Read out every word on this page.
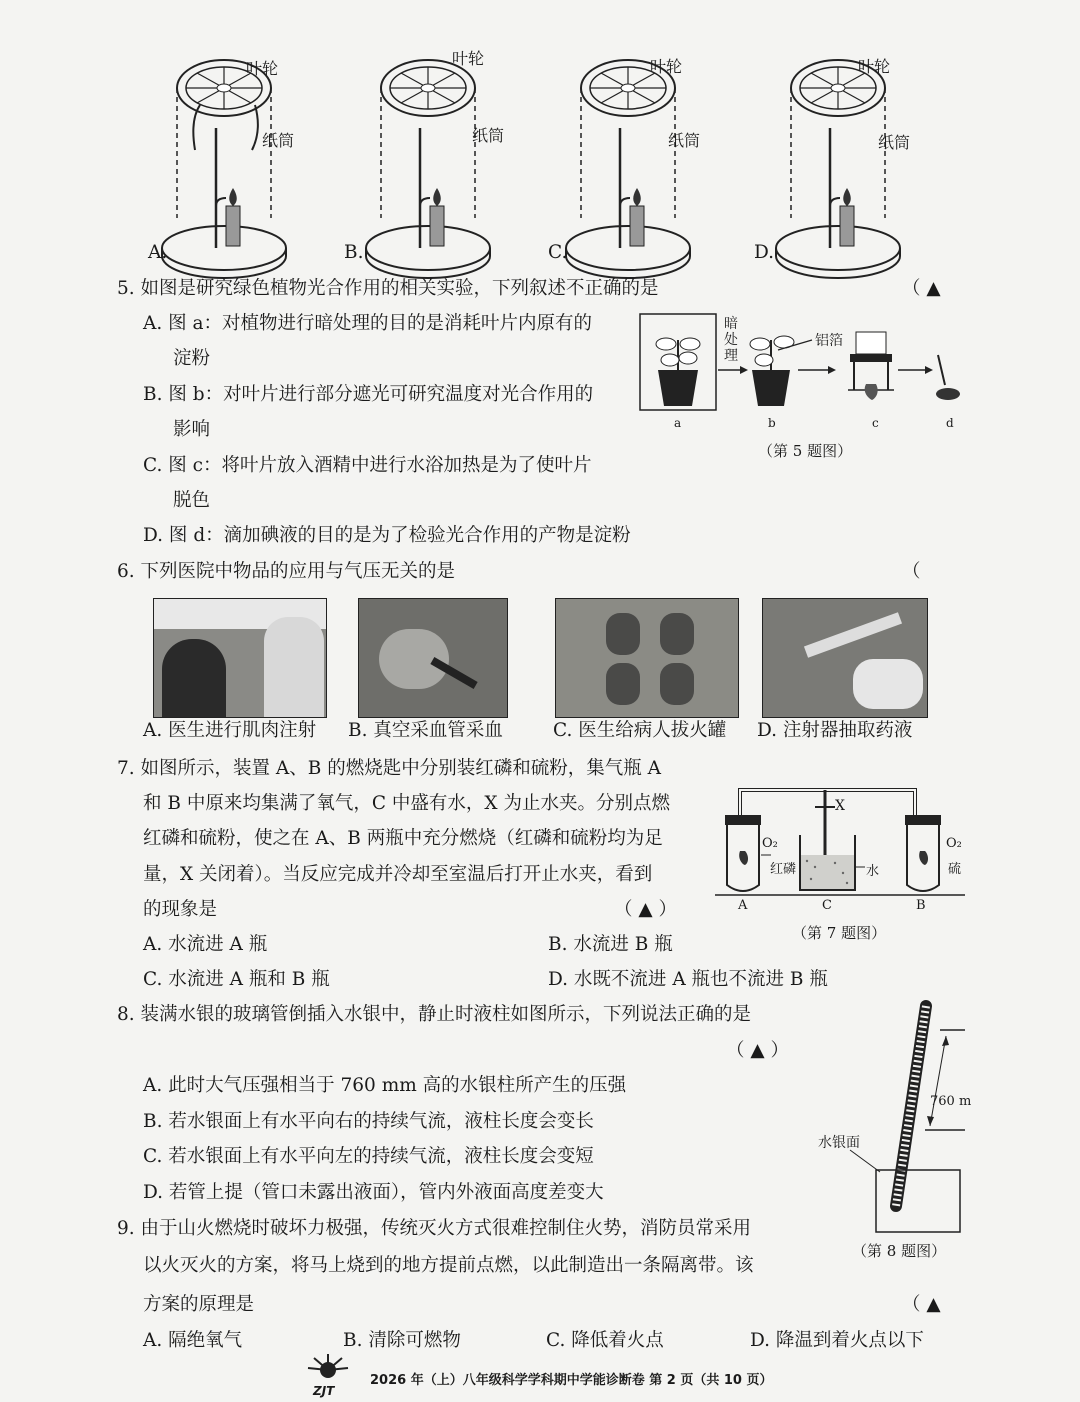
叶轮
纸筒
叶轮
纸筒
叶轮
纸筒
叶轮
纸筒
A.	B.	C.	D.
5. 如图是研究绿色植物光合作用的相关实验，下列叙述不正确的是	（ ▲
A. 图 a：对植物进行暗处理的目的是消耗叶片内原有的
淀粉
B. 图 b：对叶片进行部分遮光可研究温度对光合作用的
影响
C. 图 c：将叶片放入酒精中进行水浴加热是为了使叶片
脱色
D. 图 d：滴加碘液的目的是为了检验光合作用的产物是淀粉
暗处理
铝箔
a	b	c	d
（第 5 题图）
6. 下列医院中物品的应用与气压无关的是	（
A. 医生进行肌肉注射 B. 真空采血管采血	C. 医生给病人拔火罐 D. 注射器抽取药液
7. 如图所示，装置 A、B 的燃烧匙中分别装红磷和硫粉，集气瓶 A
和 B 中原来均集满了氧气，C 中盛有水，X 为止水夹。分别点燃
红磷和硫粉，使之在 A、B 两瓶中充分燃烧（红磷和硫粉均为足
量，X 关闭着）。当反应完成并冷却至室温后打开止水夹，看到
的现象是	（ ▲ ）
A. 水流进 A 瓶	B. 水流进 B 瓶
C. 水流进 A 瓶和 B 瓶	D. 水既不流进 A 瓶也不流进 B 瓶
X
O₂
红磷	水
O₂
硫
A	C	B
（第 7 题图）
8. 装满水银的玻璃管倒插入水银中，静止时液柱如图所示，下列说法正确的是
（ ▲ ）
A. 此时大气压强相当于 760 mm 高的水银柱所产生的压强
B. 若水银面上有水平向右的持续气流，液柱长度会变长
C. 若水银面上有水平向左的持续气流，液柱长度会变短
D. 若管上提（管口未露出液面），管内外液面高度差变大
760 m
水银面
（第 8 题图）
9. 由于山火燃烧时破坏力极强，传统灭火方式很难控制住火势，消防员常采用
以火灭火的方案，将马上烧到的地方提前点燃，以此制造出一条隔离带。该
方案的原理是	（ ▲
A. 隔绝氧气	B. 清除可燃物	C. 降低着火点	D. 降温到着火点以下
ZJT
2026 年（上）八年级科学学科期中学能诊断卷 第 2 页（共 10 页）
